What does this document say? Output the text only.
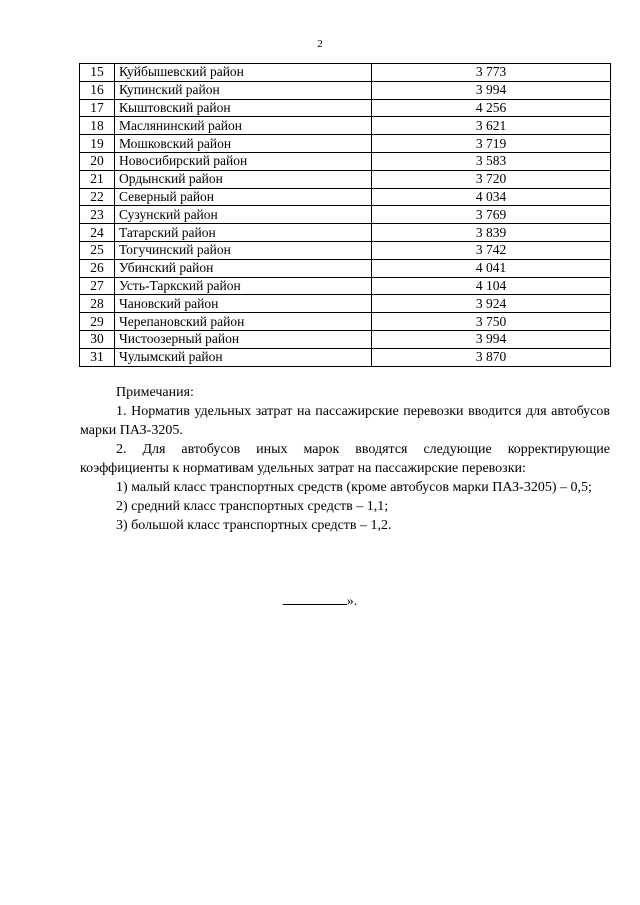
2
15	Куйбышевский район	3 773
16	Купинский район	3 994
17	Кыштовский район	4 256
18	Маслянинский район	3 621
19	Мошковский район	3 719
20	Новосибирский район	3 583
21	Ордынский район	3 720
22	Северный район	4 034
23	Сузунский район	3 769
24	Татарский район	3 839
25	Тогучинский район	3 742
26	Убинский район	4 041
27	Усть-Таркский район	4 104
28	Чановский район	3 924
29	Черепановский район	3 750
30	Чистоозерный район	3 994
31	Чулымский район	3 870

Примечания:

1. Норматив удельных затрат на пассажирские перевозки вводится для автобусов марки ПАЗ-3205.

2. Для автобусов иных марок вводятся следующие корректирующие коэффициенты к нормативам удельных затрат на пассажирские перевозки:

1) малый класс транспортных средств (кроме автобусов марки ПАЗ-3205) – 0,5;

2) средний класс транспортных средств – 1,1;

3) большой класс транспортных средств – 1,2.

».
